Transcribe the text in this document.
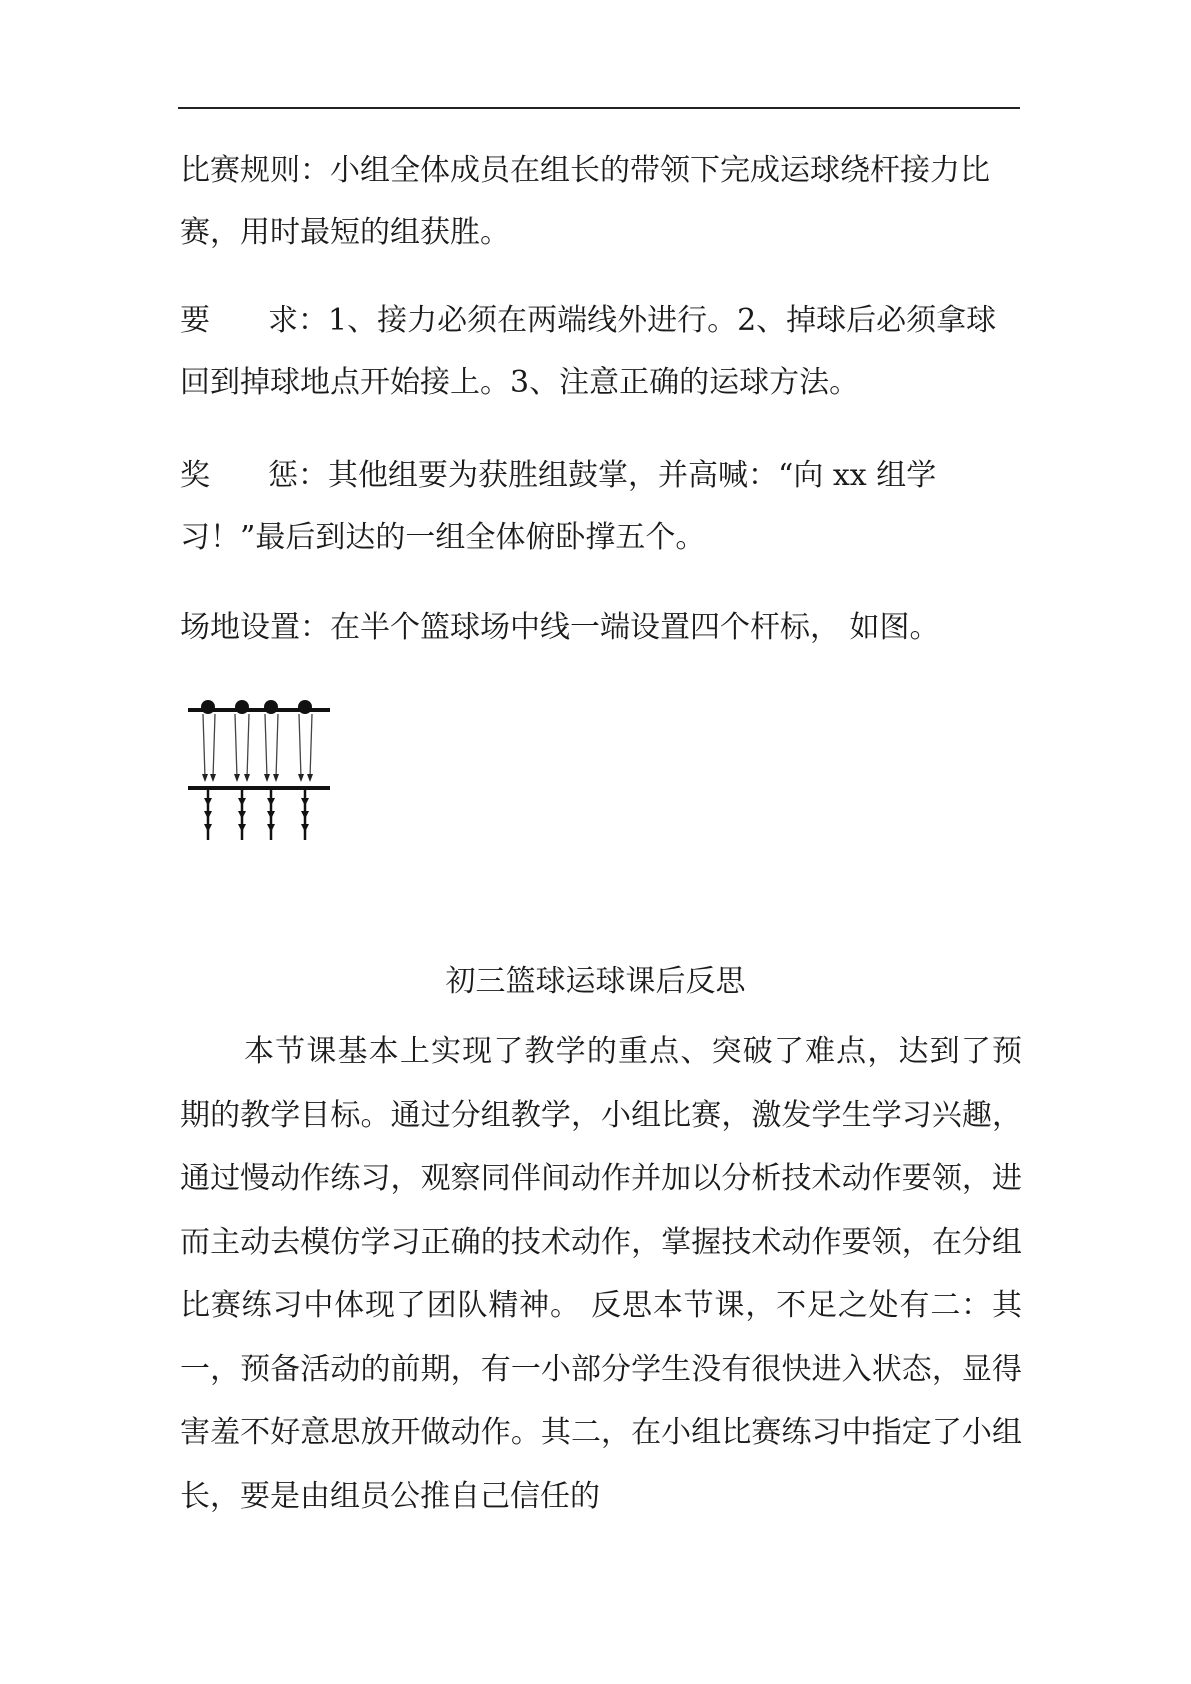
比赛规则：小组全体成员在组长的带领下完成运球绕杆接力比赛，用时最短的组获胜。

要 求：1、接力必须在两端线外进行。2、掉球后必须拿球回到掉球地点开始接上。3、注意正确的运球方法。

奖 惩：其他组要为获胜组鼓掌，并高喊：“向 xx 组学习！”最后到达的一组全体俯卧撑五个。

场地设置：在半个篮球场中线一端设置四个杆标， 如图。

初三篮球运球课后反思

本节课基本上实现了教学的重点、突破了难点，达到了预期的教学目标。通过分组教学，小组比赛，激发学生学习兴趣，通过慢动作练习，观察同伴间动作并加以分析技术动作要领，进而主动去模仿学习正确的技术动作，掌握技术动作要领，在分组比赛练习中体现了团队精神。 反思本节课，不足之处有二：其一，预备活动的前期，有一小部分学生没有很快进入状态，显得害羞不好意思放开做动作。其二，在小组比赛练习中指定了小组长，要是由组员公推自己信任的
